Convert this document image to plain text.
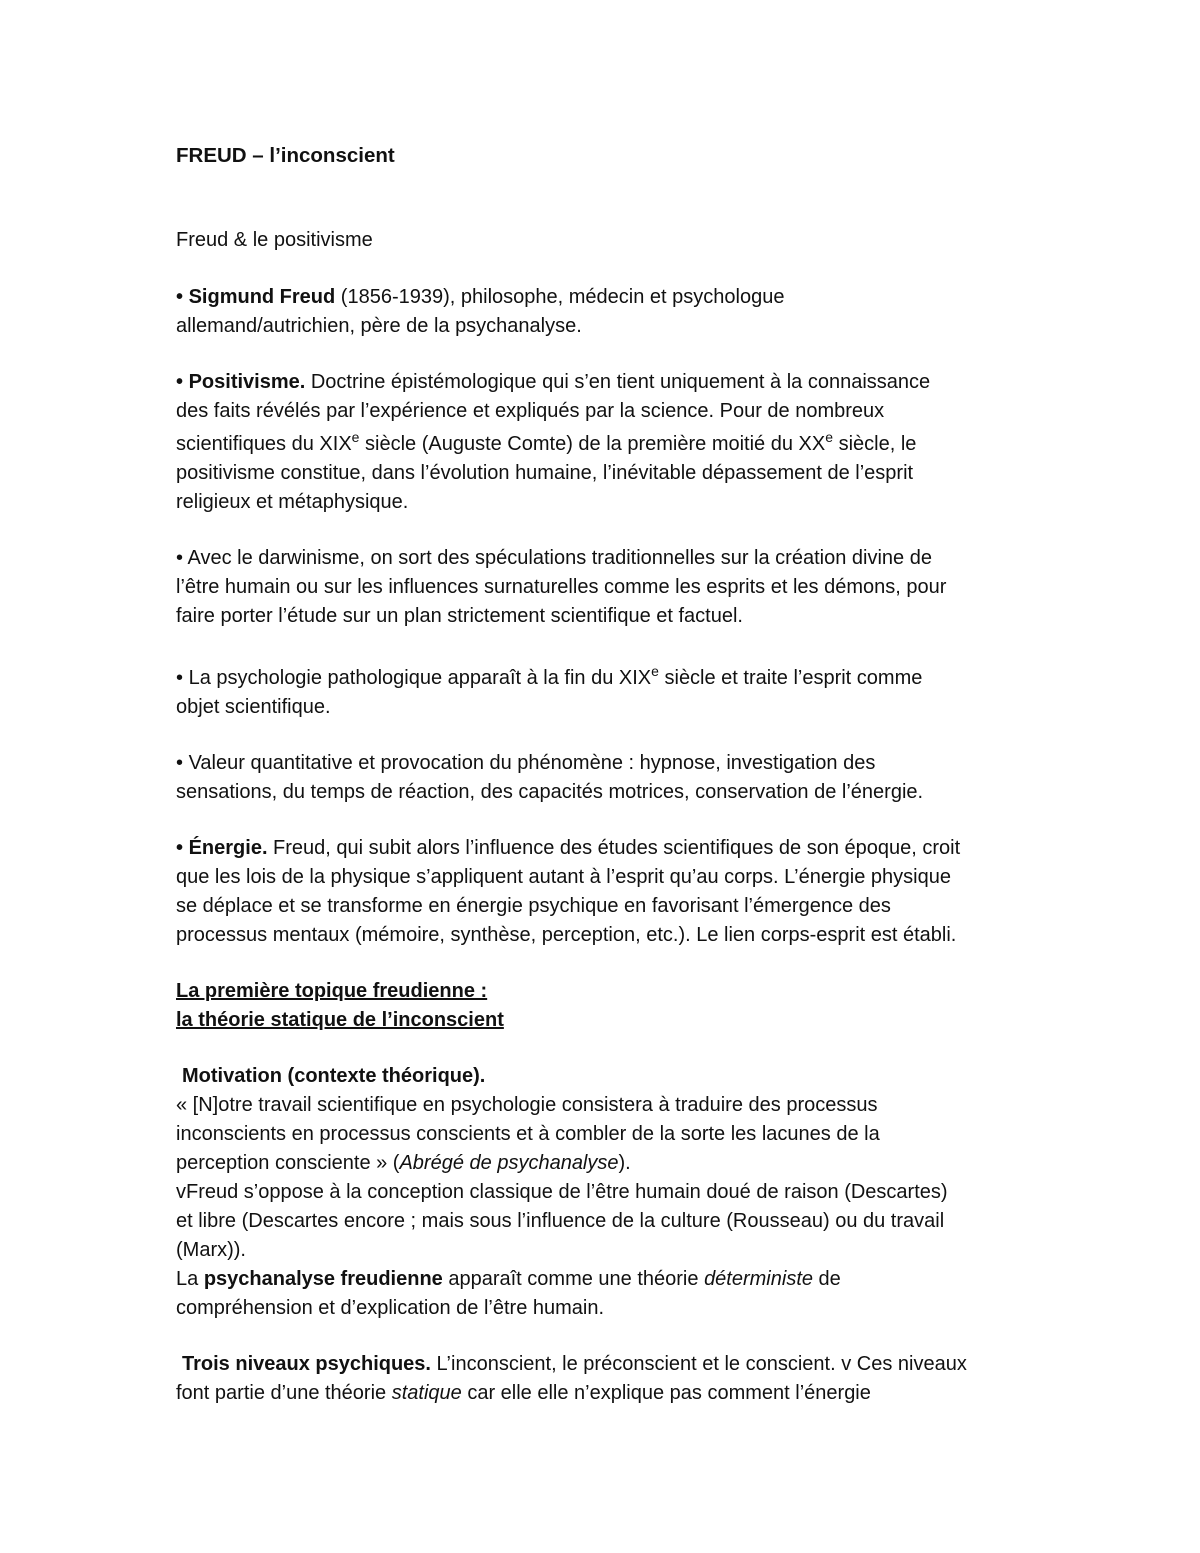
FREUD – l’inconscient
Freud & le positivisme
• Sigmund Freud (1856-1939), philosophe, médecin et psychologue
allemand/autrichien, père de la psychanalyse.
• Positivisme. Doctrine épistémologique qui s’en tient uniquement à la connaissance
des faits révélés par l’expérience et expliqués par la science. Pour de nombreux
scientifiques du XIXe siècle (Auguste Comte) de la première moitié du XXe siècle, le
positivisme constitue, dans l’évolution humaine, l’inévitable dépassement de l’esprit
religieux et métaphysique.
• Avec le darwinisme, on sort des spéculations traditionnelles sur la création divine de
l’être humain ou sur les influences surnaturelles comme les esprits et les démons, pour
faire porter l’étude sur un plan strictement scientifique et factuel.
• La psychologie pathologique apparaît à la fin du XIXe siècle et traite l’esprit comme
objet scientifique.
• Valeur quantitative et provocation du phénomène : hypnose, investigation des
sensations, du temps de réaction, des capacités motrices, conservation de l’énergie.
• Énergie. Freud, qui subit alors l’influence des études scientifiques de son époque, croit
que les lois de la physique s’appliquent autant à l’esprit qu’au corps. L’énergie physique
se déplace et se transforme en énergie psychique en favorisant l’émergence des
processus mentaux (mémoire, synthèse, perception, etc.). Le lien corps-esprit est établi.
La première topique freudienne :
la théorie statique de l’inconscient
Motivation (contexte théorique).
« [N]otre travail scientifique en psychologie consistera à traduire des processus
inconscients en processus conscients et à combler de la sorte les lacunes de la
perception consciente » (Abrégé de psychanalyse).
vFreud s’oppose à la conception classique de l’être humain doué de raison (Descartes)
et libre (Descartes encore ; mais sous l’influence de la culture (Rousseau) ou du travail
(Marx)).
La psychanalyse freudienne apparaît comme une théorie déterministe de
compréhension et d’explication de l’être humain.
Trois niveaux psychiques. L’inconscient, le préconscient et le conscient. v Ces niveaux
font partie d’une théorie statique car elle elle n’explique pas comment l’énergie
